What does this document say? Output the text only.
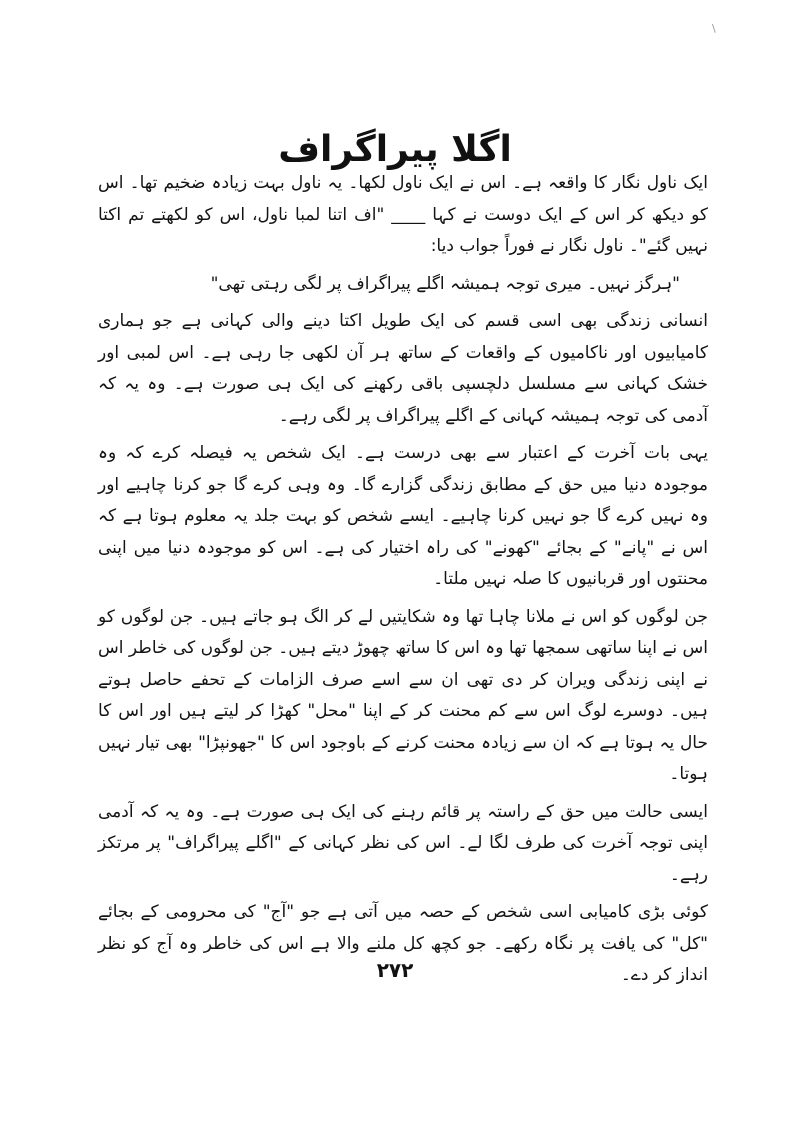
\
اگلا پیراگراف

ایک ناول نگار کا واقعہ ہے۔ اس نے ایک ناول لکھا۔ یہ ناول بہت زیادہ ضخیم تھا۔ اس کو دیکھ کر اس کے ایک دوست نے کہا ____ "اف اتنا لمبا ناول، اس کو لکھتے تم اکتا نہیں گئے"۔ ناول نگار نے فوراً جواب دیا:

"ہرگز نہیں۔ میری توجہ ہمیشہ اگلے پیراگراف پر لگی رہتی تھی"

انسانی زندگی بھی اسی قسم کی ایک طویل اکتا دینے والی کہانی ہے جو ہماری کامیابیوں اور ناکامیوں کے واقعات کے ساتھ ہر آن لکھی جا رہی ہے۔ اس لمبی اور خشک کہانی سے مسلسل دلچسپی باقی رکھنے کی ایک ہی صورت ہے۔ وہ یہ کہ آدمی کی توجہ ہمیشہ کہانی کے اگلے پیراگراف پر لگی رہے۔

یہی بات آخرت کے اعتبار سے بھی درست ہے۔ ایک شخص یہ فیصلہ کرے کہ وہ موجودہ دنیا میں حق کے مطابق زندگی گزارے گا۔ وہ وہی کرے گا جو کرنا چاہیے اور وہ نہیں کرے گا جو نہیں کرنا چاہیے۔ ایسے شخص کو بہت جلد یہ معلوم ہوتا ہے کہ اس نے "پانے" کے بجائے "کھونے" کی راہ اختیار کی ہے۔ اس کو موجودہ دنیا میں اپنی محنتوں اور قربانیوں کا صلہ نہیں ملتا۔

جن لوگوں کو اس نے ملانا چاہا تھا وہ شکایتیں لے کر الگ ہو جاتے ہیں۔ جن لوگوں کو اس نے اپنا ساتھی سمجھا تھا وہ اس کا ساتھ چھوڑ دیتے ہیں۔ جن لوگوں کی خاطر اس نے اپنی زندگی ویران کر دی تھی ان سے اسے صرف الزامات کے تحفے حاصل ہوتے ہیں۔ دوسرے لوگ اس سے کم محنت کر کے اپنا "محل" کھڑا کر لیتے ہیں اور اس کا حال یہ ہوتا ہے کہ ان سے زیادہ محنت کرنے کے باوجود اس کا "جھونپڑا" بھی تیار نہیں ہوتا۔

ایسی حالت میں حق کے راستہ پر قائم رہنے کی ایک ہی صورت ہے۔ وہ یہ کہ آدمی اپنی توجہ آخرت کی طرف لگا لے۔ اس کی نظر کہانی کے "اگلے پیراگراف" پر مرتکز رہے۔

کوئی بڑی کامیابی اسی شخص کے حصہ میں آتی ہے جو "آج" کی محرومی کے بجائے "کل" کی یافت پر نگاہ رکھے۔ جو کچھ کل ملنے والا ہے اس کی خاطر وہ آج کو نظر انداز کر دے۔

۲۷۲
